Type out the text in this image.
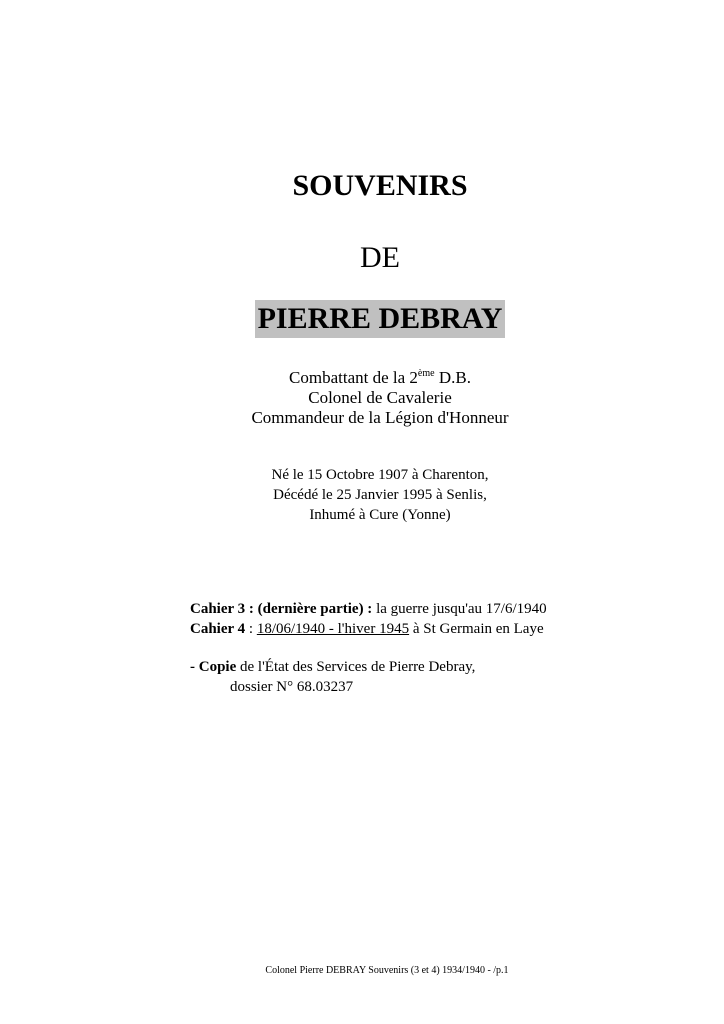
SOUVENIRS
DE
PIERRE DEBRAY
Combattant de la 2ème D.B.
Colonel de Cavalerie
Commandeur de la Légion d'Honneur
Né le 15 Octobre 1907 à Charenton,
Décédé le 25 Janvier 1995 à Senlis,
Inhumé à Cure (Yonne)
Cahier 3 : (dernière partie) : la guerre jusqu'au 17/6/1940
Cahier 4 : 18/06/1940 - l'hiver 1945 à St Germain en Laye
- Copie de l'État des Services de Pierre Debray,
dossier N° 68.03237
Colonel Pierre DEBRAY Souvenirs (3 et 4) 1934/1940 - /p.1
